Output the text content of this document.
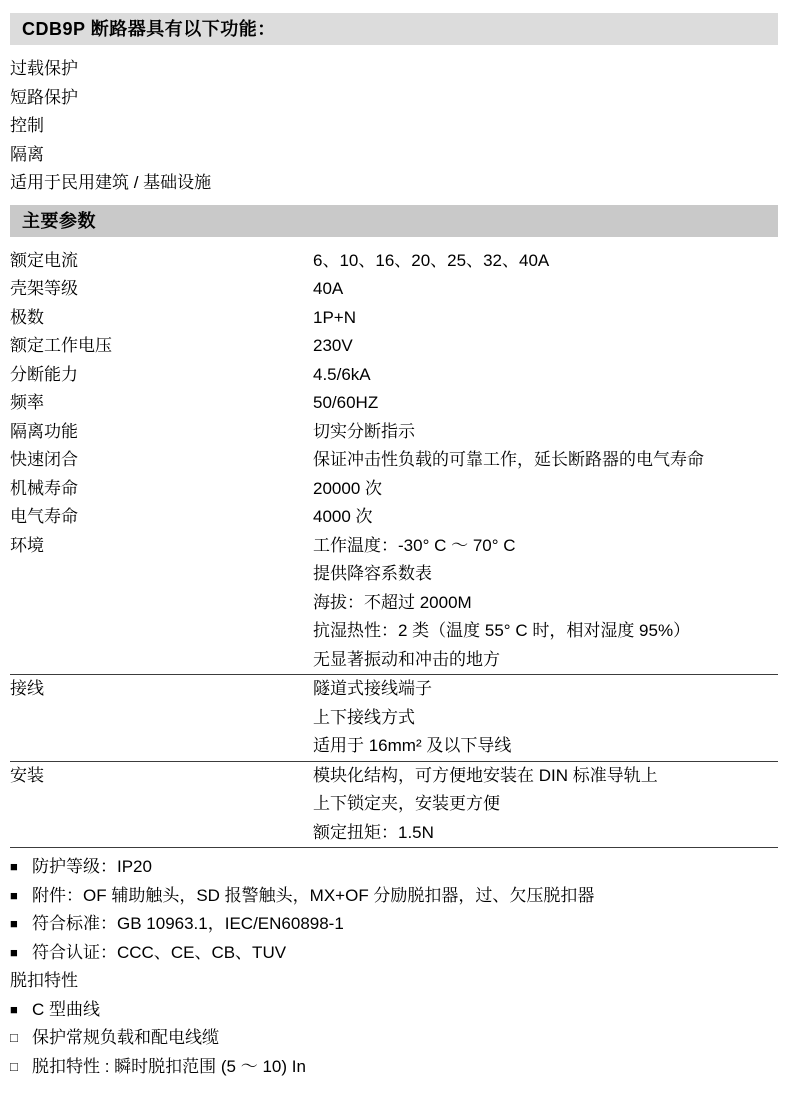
CDB9P 断路器具有以下功能：
过载保护
短路保护
控制
隔离
适用于民用建筑 / 基础设施
主要参数
额定电流	6、10、16、20、25、32、40A
壳架等级	40A
极数	1P+N
额定工作电压	230V
分断能力	4.5/6kA
频率	50/60HZ
隔离功能	切实分断指示
快速闭合	保证冲击性负载的可靠工作，延长断路器的电气寿命
机械寿命	20000 次
电气寿命	4000 次
环境	工作温度：-30° C ～ 70° C
提供降容系数表
海拔：不超过 2000M
抗湿热性：2 类（温度 55° C 时，相对湿度 95%）
无显著振动和冲击的地方
接线	隧道式接线端子
上下接线方式
适用于 16mm² 及以下导线
安装	模块化结构，可方便地安装在 DIN 标准导轨上
上下锁定夹，安装更方便
额定扭矩：1.5N
■ 防护等级：IP20
■ 附件：OF 辅助触头，SD 报警触头，MX+OF 分励脱扣器，过、欠压脱扣器
■ 符合标准：GB 10963.1，IEC/EN60898-1
■ 符合认证：CCC、CE、CB、TUV
脱扣特性
■ C 型曲线
□ 保护常规负载和配电线缆
□ 脱扣特性 : 瞬时脱扣范围 (5 ～ 10) In
